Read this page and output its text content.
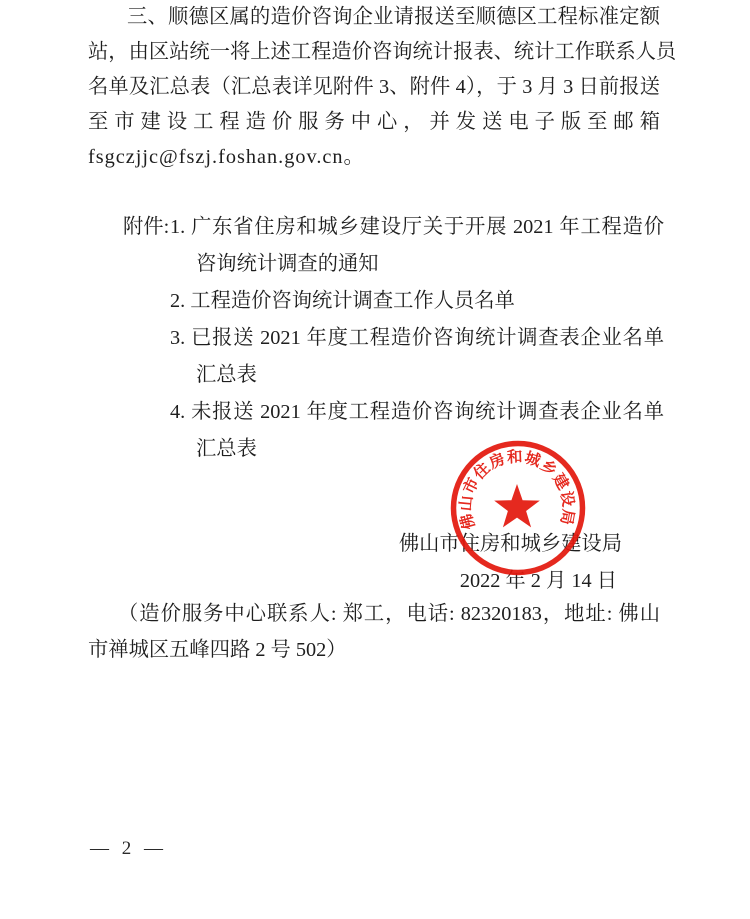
三、顺德区属的造价咨询企业请报送至顺德区工程标准定额
站，由区站统一将上述工程造价咨询统计报表、统计工作联系人员
名单及汇总表（汇总表详见附件 3、附件 4），于 3 月 3 日前报送
至市建设工程造价服务中心，并发送电子版至邮箱
fsgczjjc@fszj.foshan.gov.cn。
附件: 1. 广东省住房和城乡建设厅关于开展 2021 年工程造价咨询统计调查的通知
2. 工程造价咨询统计调查工作人员名单
3. 已报送 2021 年度工程造价咨询统计调查表企业名单汇总表
4. 未报送 2021 年度工程造价咨询统计调查表企业名单汇总表
佛山市住房和城乡建设局
2022 年 2 月 14 日
（造价服务中心联系人: 郑工，电话: 82320183，地址: 佛山
市禅城区五峰四路 2 号 502）
佛山市住房和城乡建设局
— 2 —
